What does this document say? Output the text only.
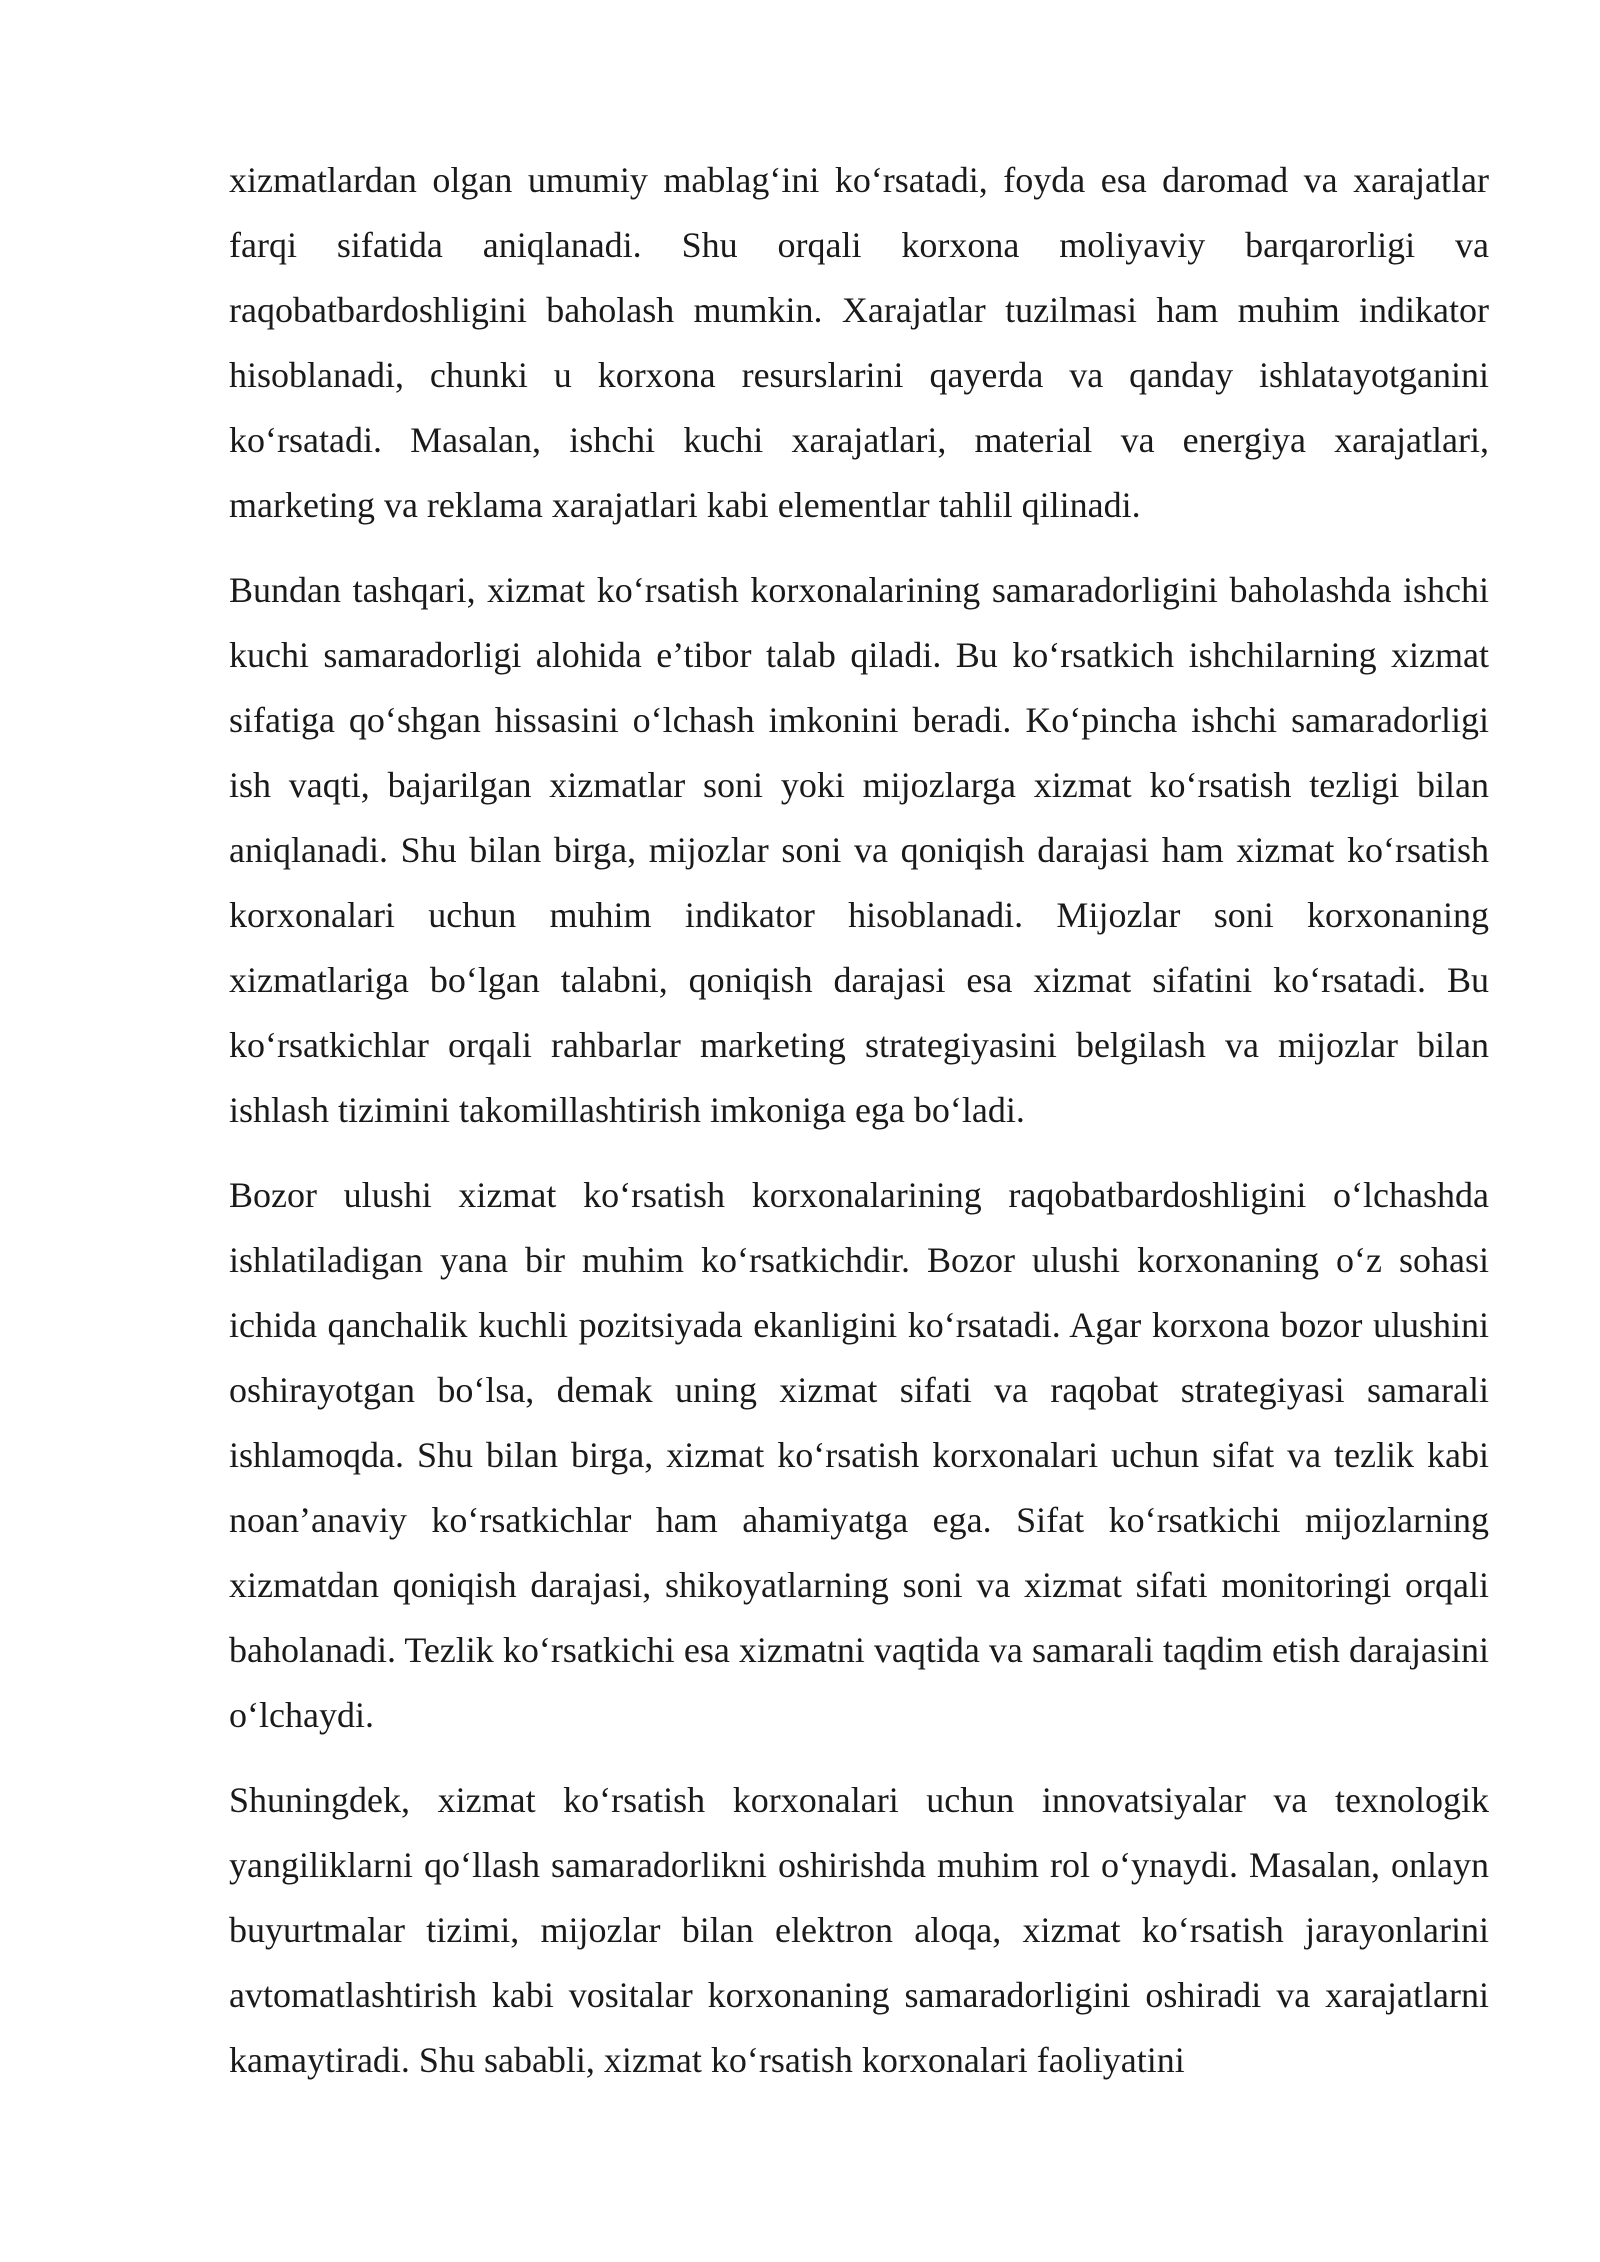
xizmatlardan olgan umumiy mablag‘ini ko‘rsatadi, foyda esa daromad va xarajatlar farqi sifatida aniqlanadi. Shu orqali korxona moliyaviy barqarorligi va raqobatbardoshligini baholash mumkin. Xarajatlar tuzilmasi ham muhim indikator hisoblanadi, chunki u korxona resurslarini qayerda va qanday ishlatayotganini ko‘rsatadi. Masalan, ishchi kuchi xarajatlari, material va energiya xarajatlari, marketing va reklama xarajatlari kabi elementlar tahlil qilinadi.

Bundan tashqari, xizmat ko‘rsatish korxonalarining samaradorligini baholashda ishchi kuchi samaradorligi alohida e’tibor talab qiladi. Bu ko‘rsatkich ishchilarning xizmat sifatiga qo‘shgan hissasini o‘lchash imkonini beradi. Ko‘pincha ishchi samaradorligi ish vaqti, bajarilgan xizmatlar soni yoki mijozlarga xizmat ko‘rsatish tezligi bilan aniqlanadi. Shu bilan birga, mijozlar soni va qoniqish darajasi ham xizmat ko‘rsatish korxonalari uchun muhim indikator hisoblanadi. Mijozlar soni korxonaning xizmatlariga bo‘lgan talabni, qoniqish darajasi esa xizmat sifatini ko‘rsatadi. Bu ko‘rsatkichlar orqali rahbarlar marketing strategiyasini belgilash va mijozlar bilan ishlash tizimini takomillashtirish imkoniga ega bo‘ladi.

Bozor ulushi xizmat ko‘rsatish korxonalarining raqobatbardoshligini o‘lchashda ishlatiladigan yana bir muhim ko‘rsatkichdir. Bozor ulushi korxonaning o‘z sohasi ichida qanchalik kuchli pozitsiyada ekanligini ko‘rsatadi. Agar korxona bozor ulushini oshirayotgan bo‘lsa, demak uning xizmat sifati va raqobat strategiyasi samarali ishlamoqda. Shu bilan birga, xizmat ko‘rsatish korxonalari uchun sifat va tezlik kabi noan’anaviy ko‘rsatkichlar ham ahamiyatga ega. Sifat ko‘rsatkichi mijozlarning xizmatdan qoniqish darajasi, shikoyatlarning soni va xizmat sifati monitoringi orqali baholanadi. Tezlik ko‘rsatkichi esa xizmatni vaqtida va samarali taqdim etish darajasini o‘lchaydi.

Shuningdek, xizmat ko‘rsatish korxonalari uchun innovatsiyalar va texnologik yangiliklarni qo‘llash samaradorlikni oshirishda muhim rol o‘ynaydi. Masalan, onlayn buyurtmalar tizimi, mijozlar bilan elektron aloqa, xizmat ko‘rsatish jarayonlarini avtomatlashtirish kabi vositalar korxonaning samaradorligini oshiradi va xarajatlarni kamaytiradi. Shu sababli, xizmat ko‘rsatish korxonalari faoliyatini
